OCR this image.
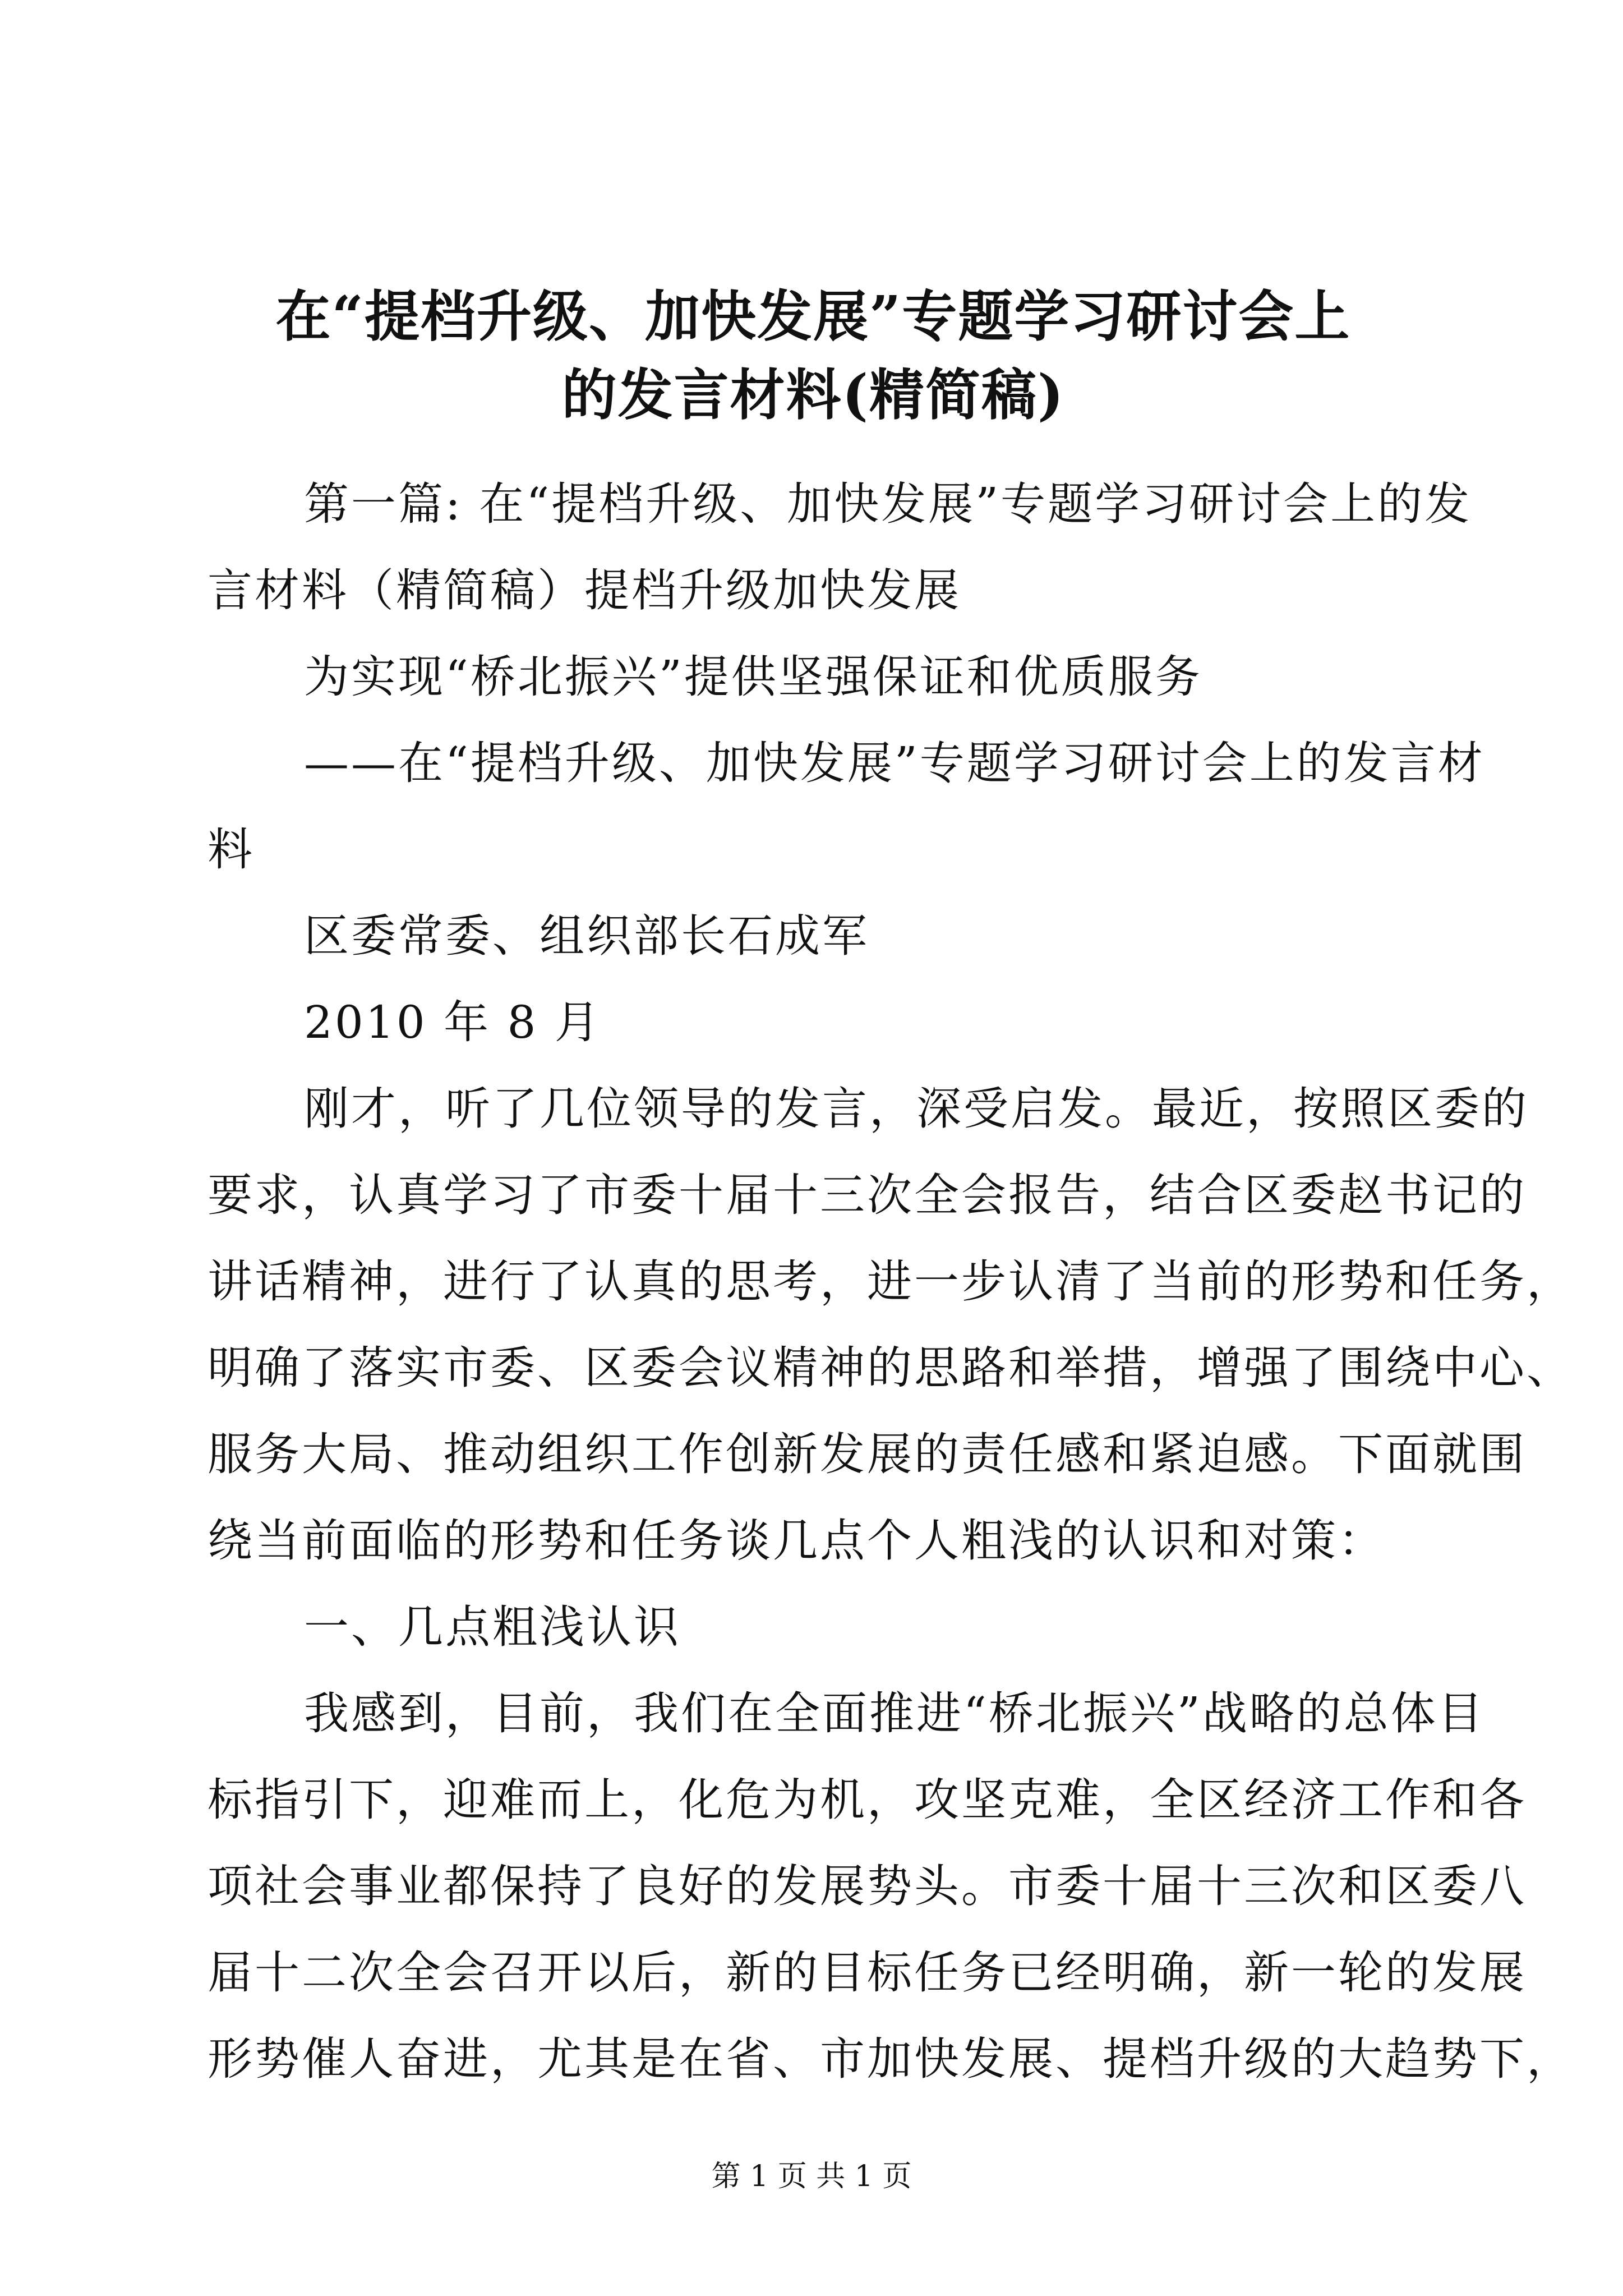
在“提档升级、加快发展”专题学习研讨会上
的发言材料(精简稿)
第一篇: 在“提档升级、加快发展”专题学习研讨会上的发
言材料（精简稿）提档升级加快发展
为实现“桥北振兴”提供坚强保证和优质服务
——在“提档升级、加快发展”专题学习研讨会上的发言材
料
区委常委、组织部长石成军
2010 年 8 月
刚才，听了几位领导的发言，深受启发。最近，按照区委的
要求，认真学习了市委十届十三次全会报告，结合区委赵书记的
讲话精神，进行了认真的思考，进一步认清了当前的形势和任务，
明确了落实市委、区委会议精神的思路和举措，增强了围绕中心、
服务大局、推动组织工作创新发展的责任感和紧迫感。下面就围
绕当前面临的形势和任务谈几点个人粗浅的认识和对策：
一、几点粗浅认识
我感到，目前，我们在全面推进“桥北振兴”战略的总体目
标指引下，迎难而上，化危为机，攻坚克难，全区经济工作和各
项社会事业都保持了良好的发展势头。市委十届十三次和区委八
届十二次全会召开以后，新的目标任务已经明确，新一轮的发展
形势催人奋进，尤其是在省、市加快发展、提档升级的大趋势下，
第 1 页 共 1 页
